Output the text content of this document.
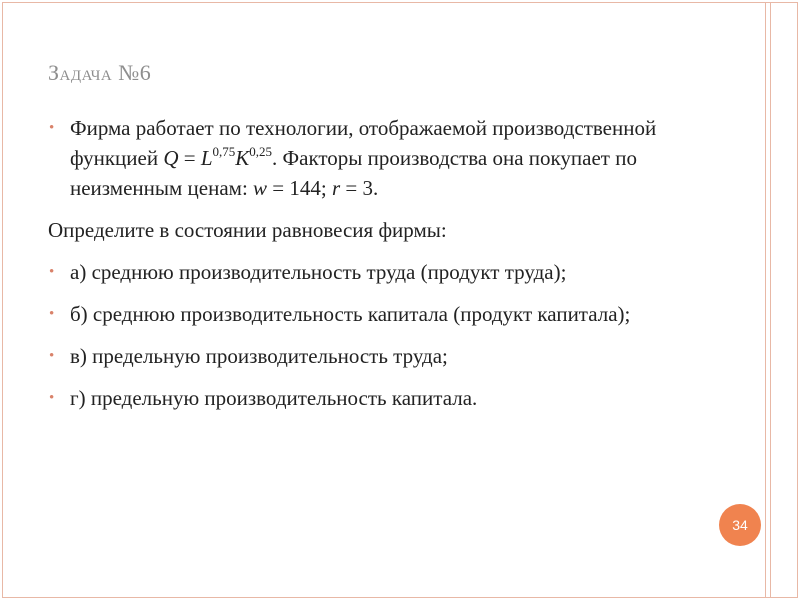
Задача №6
• Фирма работает по технологии, отображаемой производственной функцией $Q = L^{0,75}K^{0,25}$. Факторы производства она покупает по неизменным ценам: w = 144; r = 3.
Определите в состоянии равновесия фирмы:
• а) среднюю производительность труда (продукт труда);
• б) среднюю производительность капитала (продукт капитала);
• в) предельную производительность труда;
• г) предельную производительность капитала.
34
